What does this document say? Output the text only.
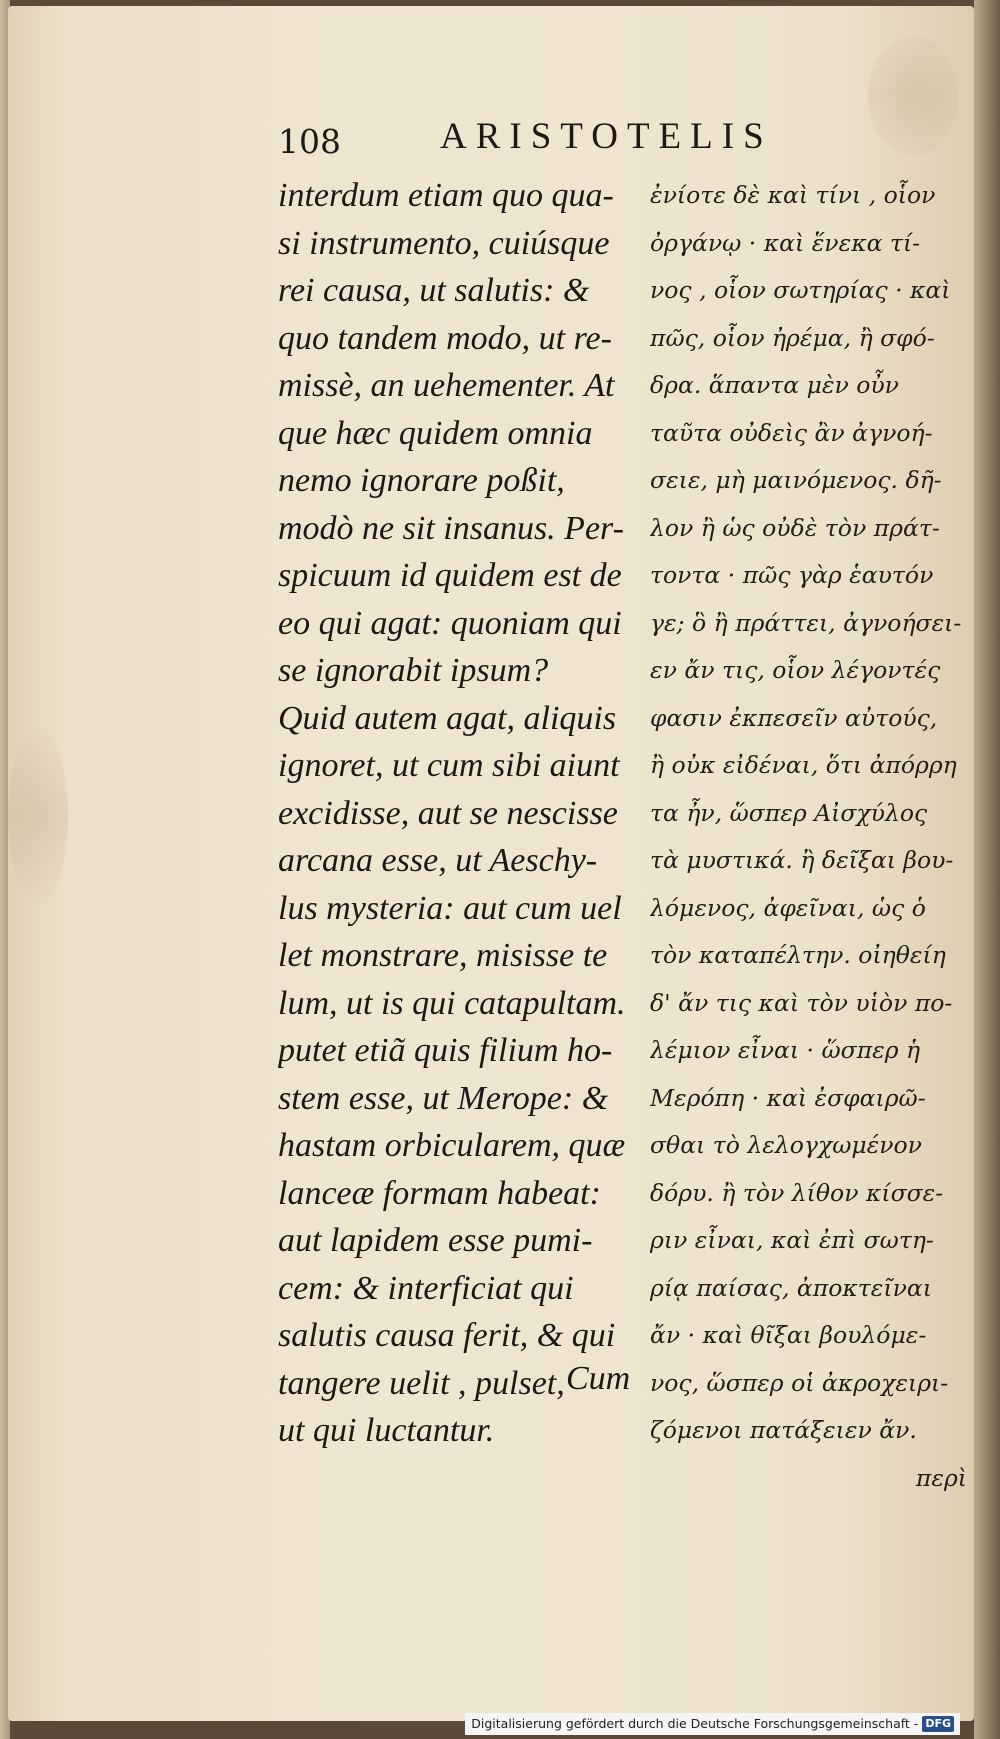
108	ARISTOTELIS
interdum etiam quo qua-
si instrumento, cuiúsque
rei causa, ut salutis: &
quo tandem modo, ut re-
missè, an uehementer. At
que hæc quidem omnia
nemo ignorare poßit,
modò ne sit insanus. Per-
spicuum id quidem est de
eo qui agat: quoniam qui
se ignorabit ipsum?
Quid autem agat, aliquis
ignoret, ut cum sibi aiunt
excidisse, aut se nescisse
arcana esse, ut Aeschy-
lus mysteria: aut cum uel
let monstrare, misisse te
lum, ut is qui catapultam.
putet etiã quis filium ho-
stem esse, ut Merope: &
hastam orbicularem, quæ
lanceæ formam habeat:
aut lapidem esse pumi-
cem: & interficiat qui
salutis causa ferit, & qui
tangere uelit , pulset,
ut qui luctantur.
ἐνίοτε δὲ καὶ τίνι , οἷον
ὀργάνῳ · καὶ ἕνεκα τί-
νος , οἷον σωτηρίας · καὶ
πῶς, οἷον ἠρέμα, ἢ σφό-
δρα. ἅπαντα μὲν οὖν
ταῦτα οὐδεὶς ἂν ἀγνοή-
σειε, μὴ μαινόμενος. δῆ-
λον ἢ ὡς οὐδὲ τὸν πράτ-
τοντα · πῶς γὰρ ἑαυτόν
γε; ὃ ἢ πράττει, ἀγνοήσει-
εν ἄν τις, οἷον λέγοντές
φασιν ἐκπεσεῖν αὐτούς,
ἢ οὐκ εἰδέναι, ὅτι ἀπόρρη
τα ἦν, ὥσπερ Αἰσχύλος
τὰ μυστικά. ἢ δεῖξαι βου-
λόμενος, ἀφεῖναι, ὡς ὁ
τὸν καταπέλτην. οἰηθείη
δ' ἄν τις καὶ τὸν υἱὸν πο-
λέμιον εἶναι · ὥσπερ ἡ
Μερόπη · καὶ ἐσφαιρῶ-
σθαι τὸ λελογχωμένον
δόρυ. ἢ τὸν λίθον κίσσε-
ριν εἶναι, καὶ ἐπὶ σωτη-
ρίᾳ παίσας, ἀποκτεῖναι
ἄν · καὶ θῖξαι βουλόμε-
νος, ὥσπερ οἱ ἀκροχειρι-
ζόμενοι πατάξειεν ἄν.
περὶ
Cum
Digitalisierung gefördert durch die Deutsche Forschungsgemeinschaft - DFG
